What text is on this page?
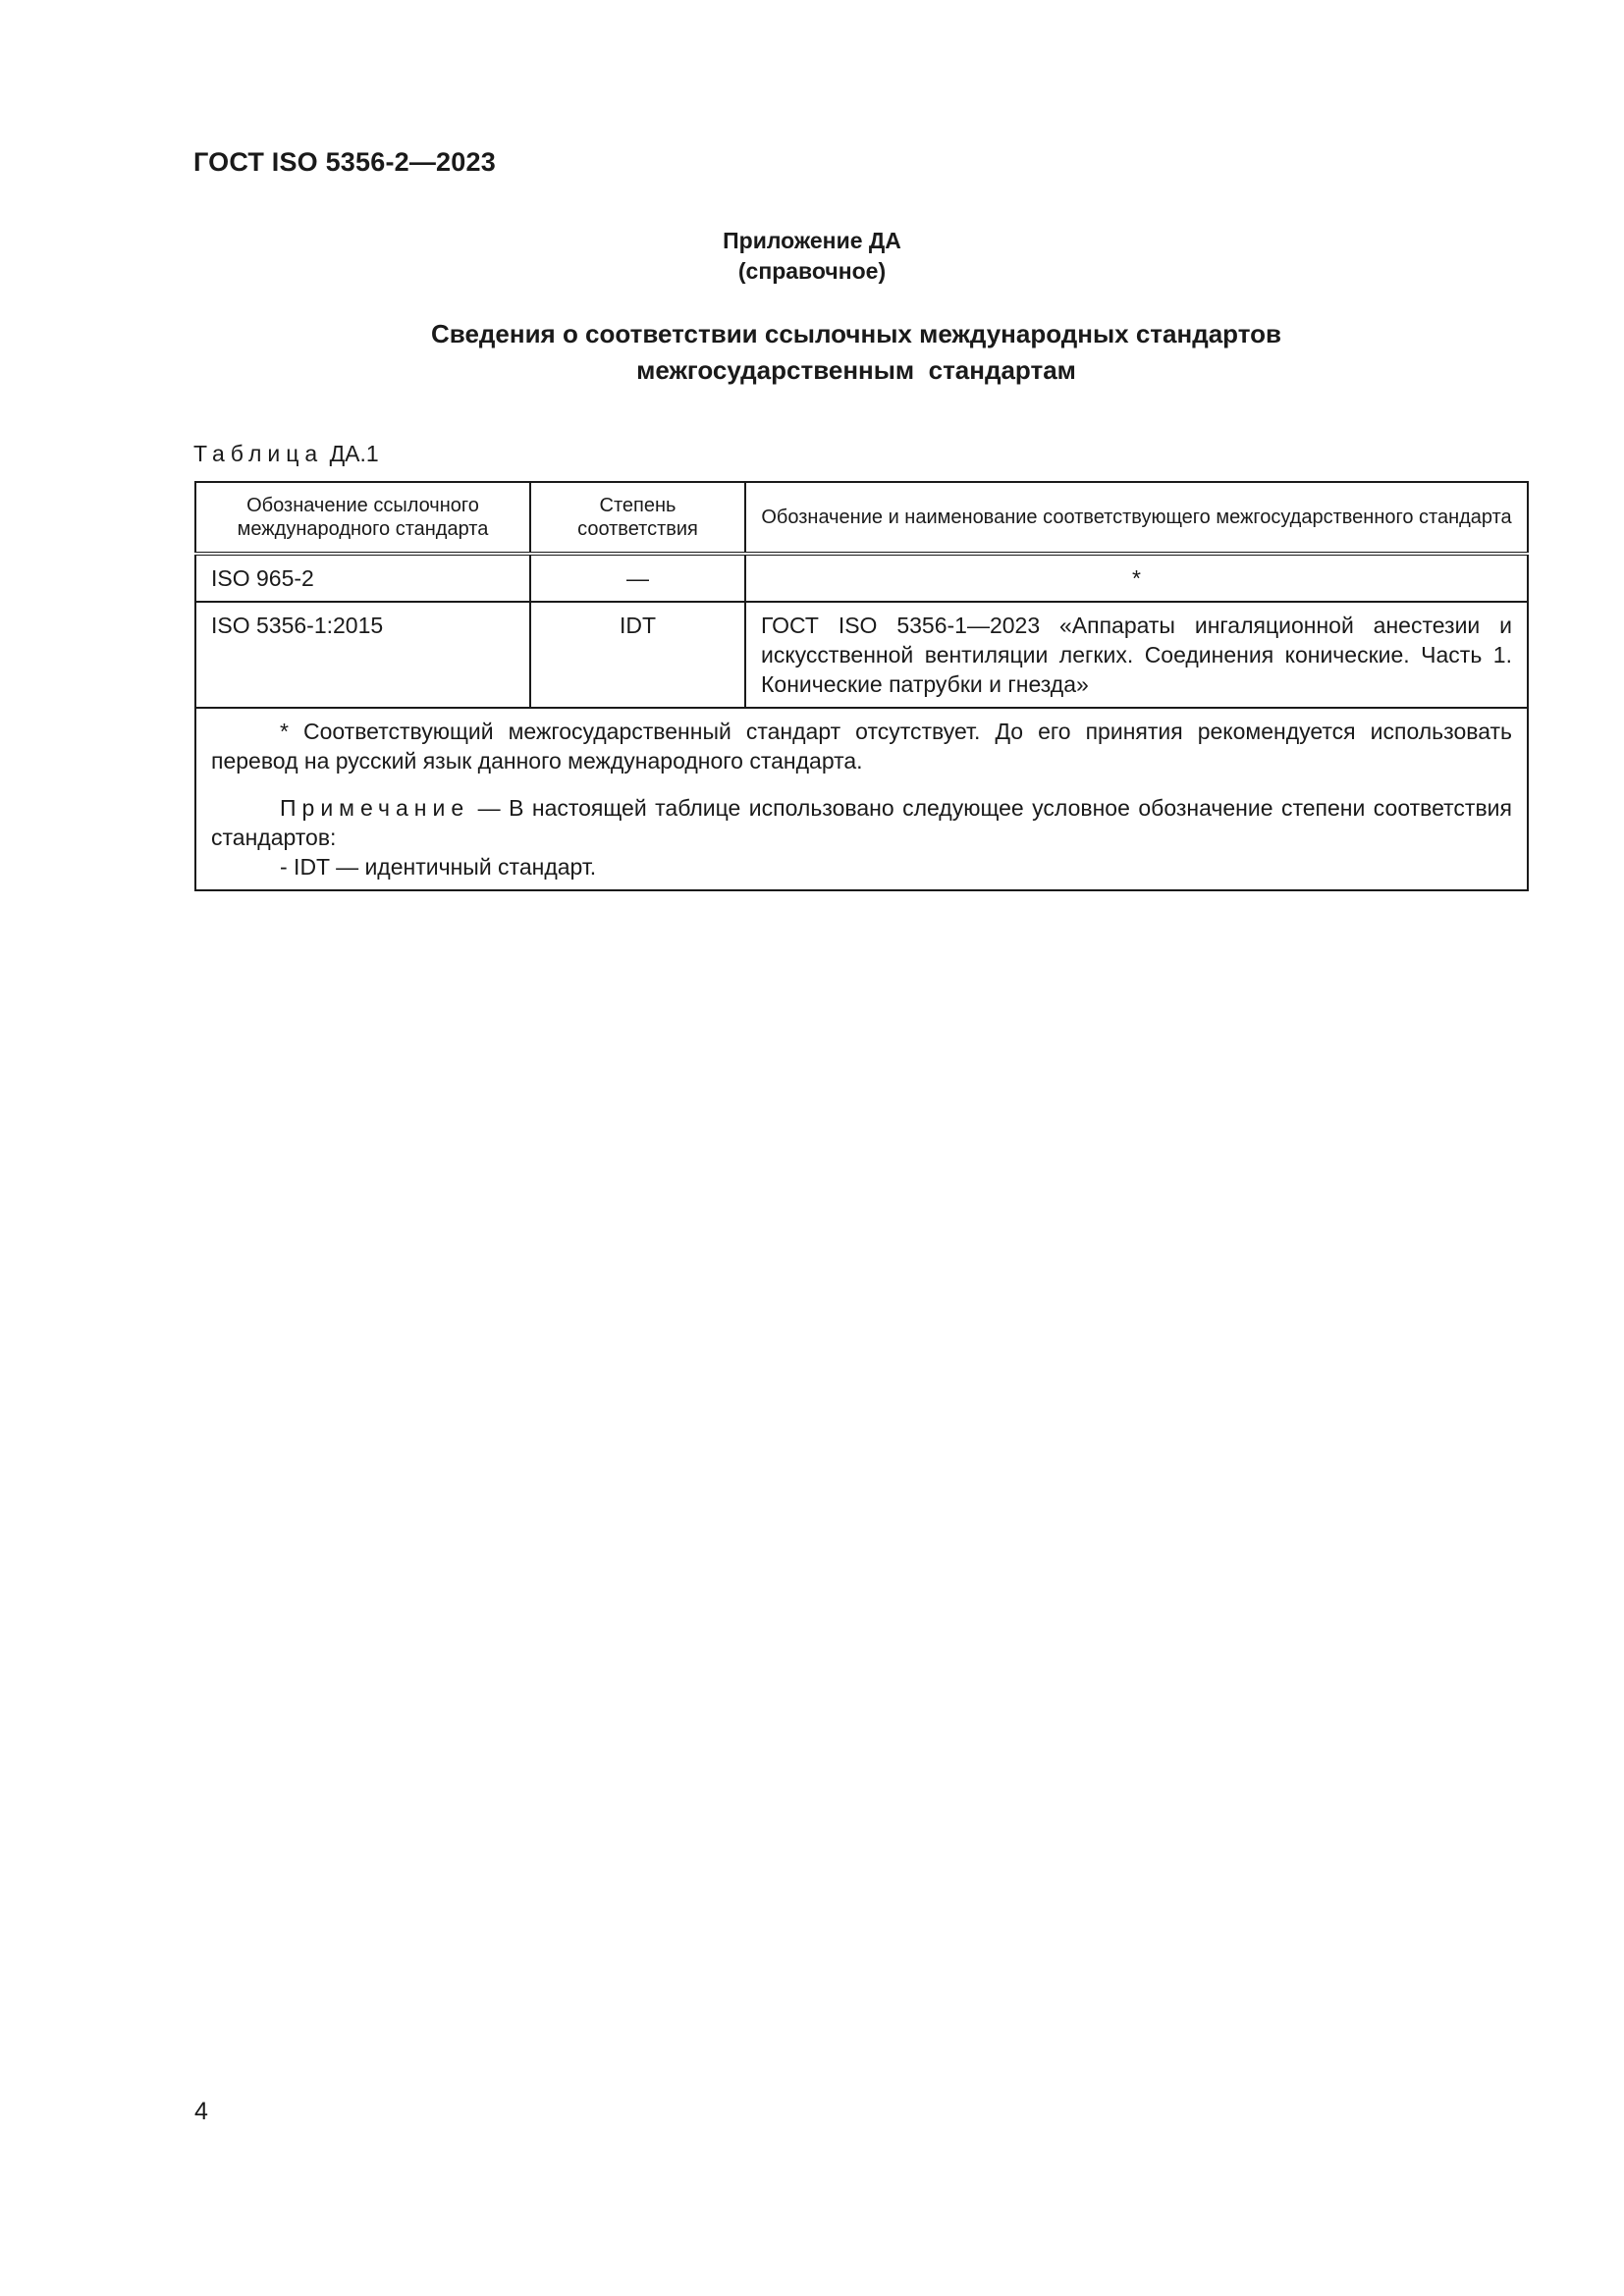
ГОСТ ISO 5356-2—2023
Приложение ДА
(справочное)
Сведения о соответствии ссылочных международных стандартов
межгосударственным  стандартам
Таблица ДА.1
Обозначение ссылочного международного стандарта	Степень соответствия	Обозначение и наименование соответствующего межгосударственного стандарта
ISO 965-2	—	*
ISO 5356-1:2015	IDT	ГОСТ ISO 5356-1—2023 «Аппараты ингаляционной анестезии и искусственной вентиляции легких. Соединения конические. Часть 1. Конические патрубки и гнезда»

* Соответствующий межгосударственный стандарт отсутствует. До его принятия рекомендуется использовать перевод на русский язык данного международного стандарта.
Примечание — В настоящей таблице использовано следующее условное обозначение степени соответствия стандартов:
- IDT — идентичный стандарт.		
4
